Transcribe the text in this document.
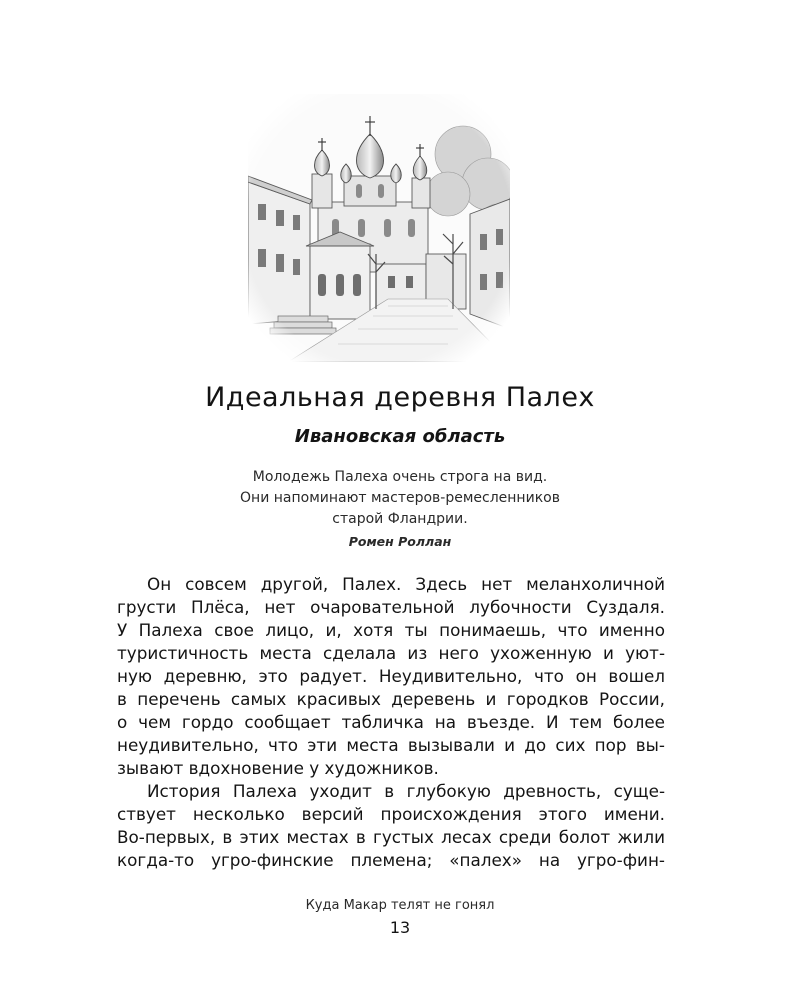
Идеальная деревня Палех
Ивановская область
Молодежь Палеха очень строга на вид.
Они напоминают мастеров-ремесленников
старой Фландрии.
Ромен Роллан
Он совсем другой, Палех. Здесь нет меланхоличной
грусти Плёса, нет очаровательной лубочности Суздаля.
У Палеха свое лицо, и, хотя ты понимаешь, что именно
туристичность места сделала из него ухоженную и уют-
ную деревню, это радует. Неудивительно, что он вошел
в перечень самых красивых деревень и городков России,
о чем гордо сообщает табличка на въезде. И тем более
неудивительно, что эти места вызывали и до сих пор вы-
зывают вдохновение у художников.
История Палеха уходит в глубокую древность, суще-
ствует несколько версий происхождения этого имени.
Во-первых, в этих местах в густых лесах среди болот жили
когда-то угро-финские племена; «палех» на угро-фин-
Куда Макар телят не гонял
13
